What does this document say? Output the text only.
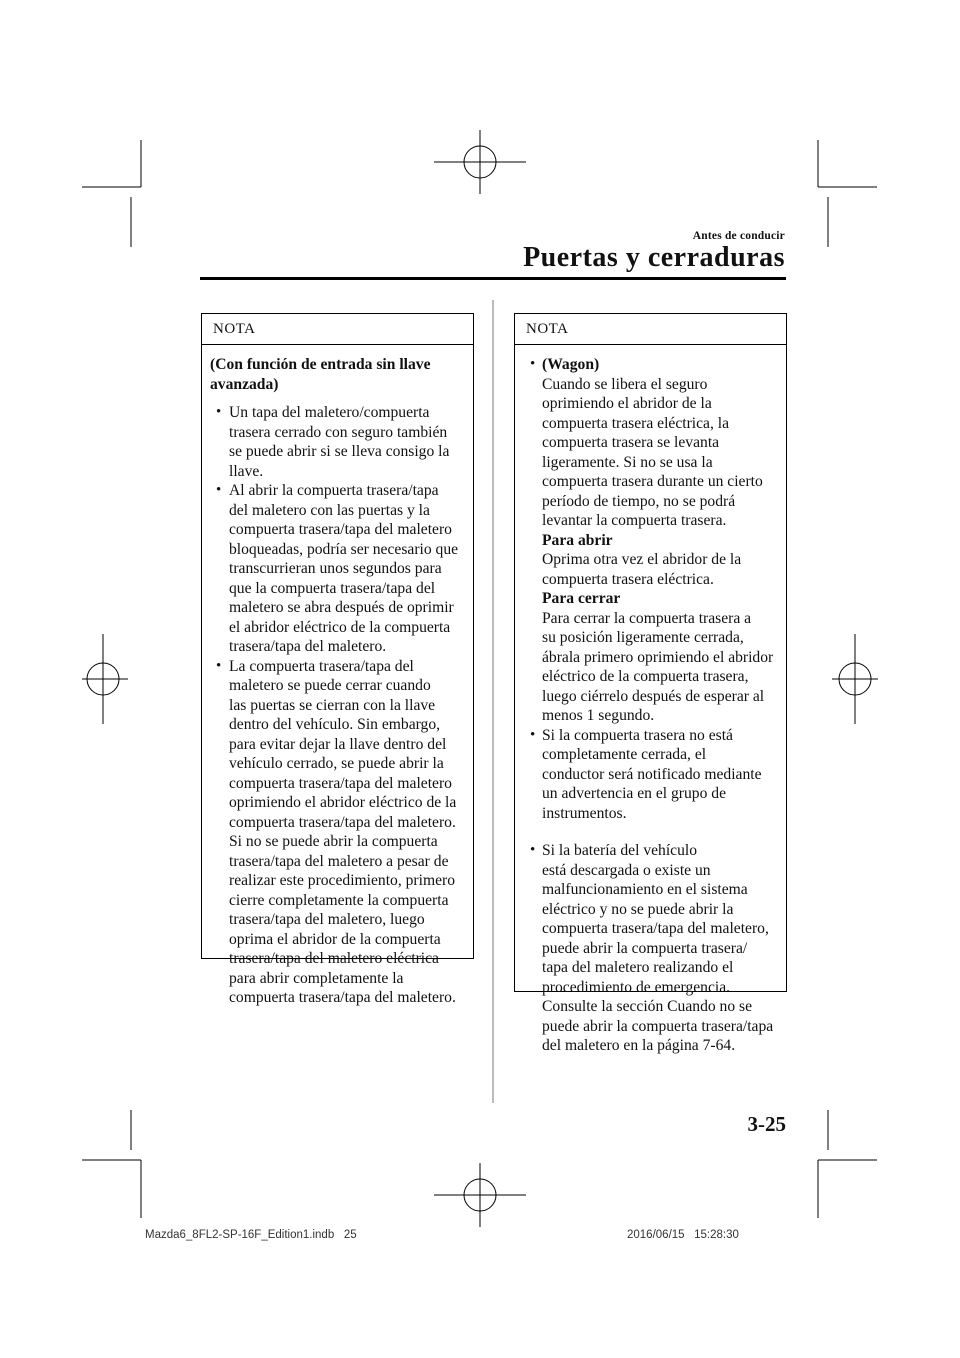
Antes de conducir
Puertas y cerraduras
NOTA
(Con función de entrada sin llave
avanzada)
• Un tapa del maletero/compuerta
trasera cerrado con seguro también
se puede abrir si se lleva consigo la
llave.
• Al abrir la compuerta trasera/tapa
del maletero con las puertas y la
compuerta trasera/tapa del maletero
bloqueadas, podría ser necesario que
transcurrieran unos segundos para
que la compuerta trasera/tapa del
maletero se abra después de oprimir
el abridor eléctrico de la compuerta
trasera/tapa del maletero.
• La compuerta trasera/tapa del
maletero se puede cerrar cuando
las puertas se cierran con la llave
dentro del vehículo. Sin embargo,
para evitar dejar la llave dentro del
vehículo cerrado, se puede abrir la
compuerta trasera/tapa del maletero
oprimiendo el abridor eléctrico de la
compuerta trasera/tapa del maletero.
Si no se puede abrir la compuerta
trasera/tapa del maletero a pesar de
realizar este procedimiento, primero
cierre completamente la compuerta
trasera/tapa del maletero, luego
oprima el abridor de la compuerta
trasera/tapa del maletero eléctrica
para abrir completamente la
compuerta trasera/tapa del maletero.
NOTA
• (Wagon)
Cuando se libera el seguro
oprimiendo el abridor de la
compuerta trasera eléctrica, la
compuerta trasera se levanta
ligeramente. Si no se usa la
compuerta trasera durante un cierto
período de tiempo, no se podrá
levantar la compuerta trasera.
Para abrir
Oprima otra vez el abridor de la
compuerta trasera eléctrica.
Para cerrar
Para cerrar la compuerta trasera a
su posición ligeramente cerrada,
ábrala primero oprimiendo el abridor
eléctrico de la compuerta trasera,
luego ciérrelo después de esperar al
menos 1 segundo.
• Si la compuerta trasera no está
completamente cerrada, el
conductor será notificado mediante
un advertencia en el grupo de
instrumentos.
• Si la batería del vehículo
está descargada o existe un
malfuncionamiento en el sistema
eléctrico y no se puede abrir la
compuerta trasera/tapa del maletero,
puede abrir la compuerta trasera/
tapa del maletero realizando el
procedimiento de emergencia.
Consulte la sección Cuando no se
puede abrir la compuerta trasera/tapa
del maletero en la página 7-64.
3-25
Mazda6_8FL2-SP-16F_Edition1.indb   25	2016/06/15   15:28:30
